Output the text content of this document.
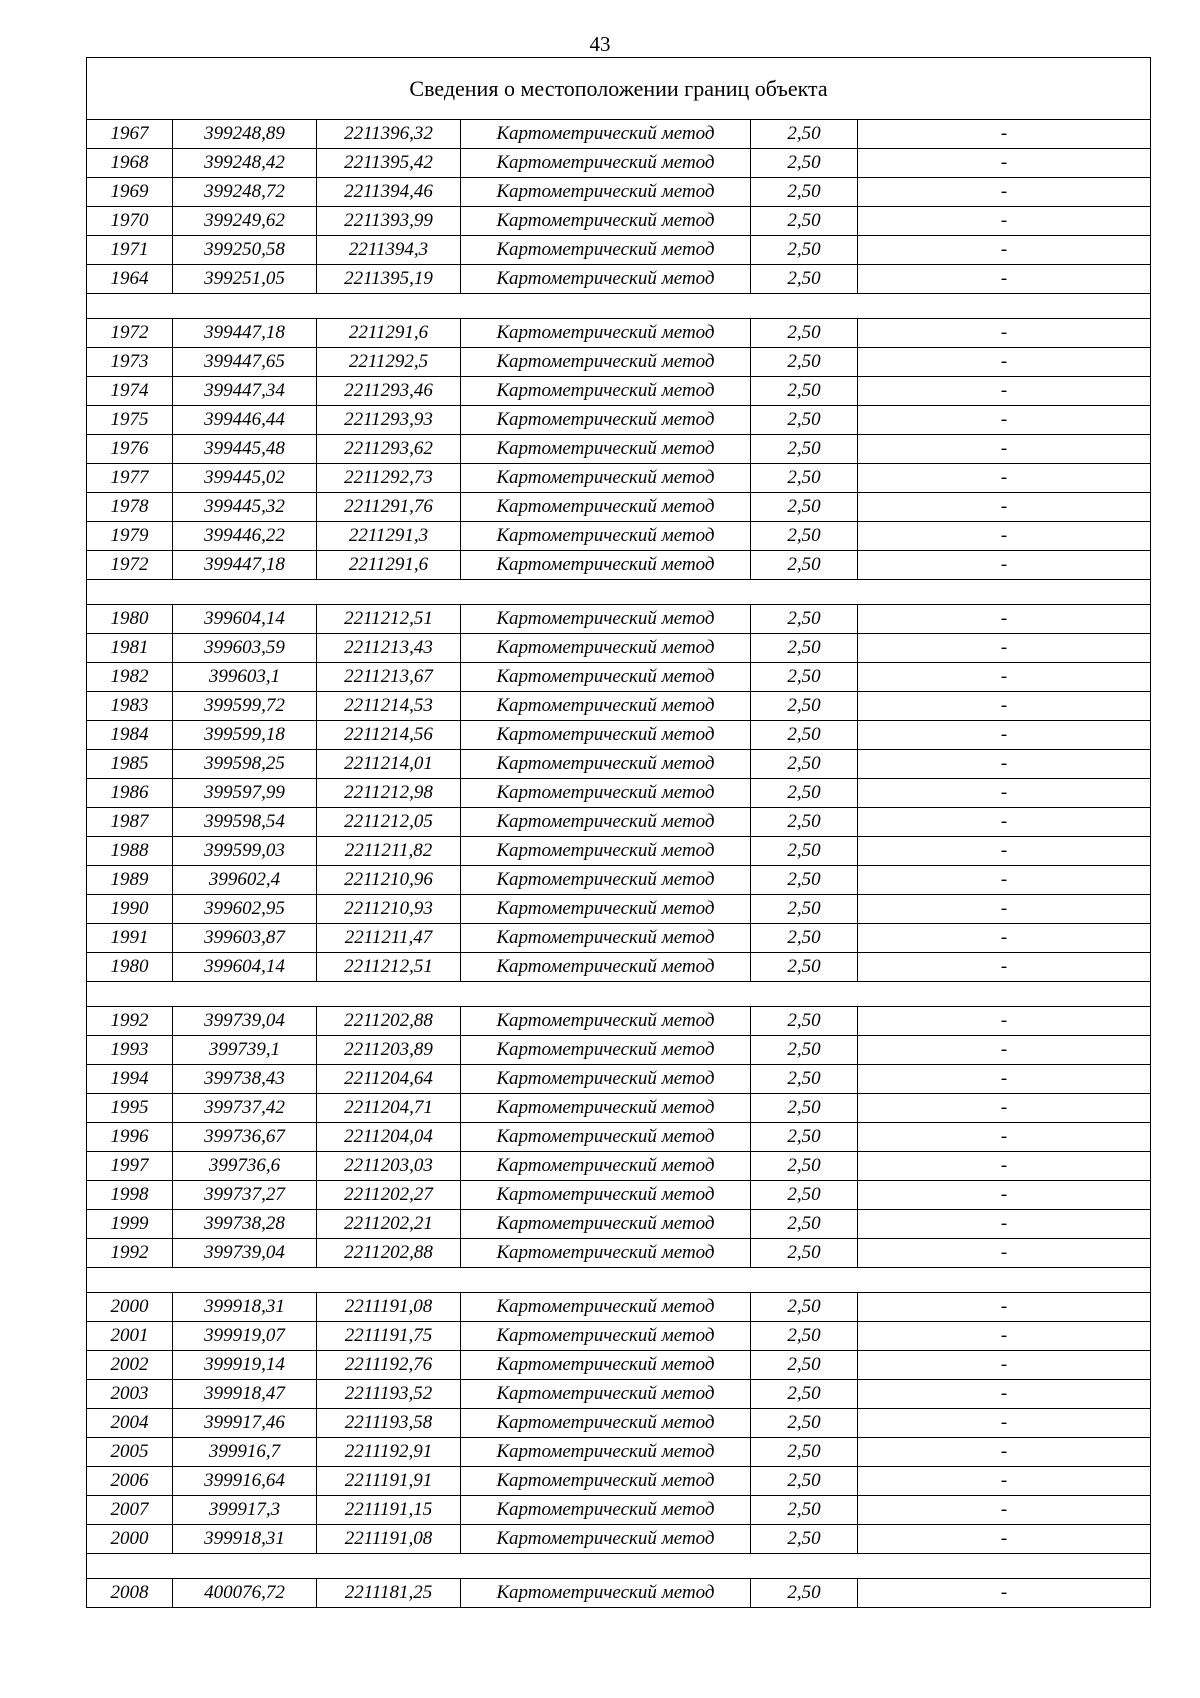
43
Сведения о местоположении границ объекта					
1967	399248,89	2211396,32	Картометрический метод	2,50	-
1968	399248,42	2211395,42	Картометрический метод	2,50	-
1969	399248,72	2211394,46	Картометрический метод	2,50	-
1970	399249,62	2211393,99	Картометрический метод	2,50	-
1971	399250,58	2211394,3	Картометрический метод	2,50	-
1964	399251,05	2211395,19	Картометрический метод	2,50	-

1972	399447,18	2211291,6	Картометрический метод	2,50	-
1973	399447,65	2211292,5	Картометрический метод	2,50	-
1974	399447,34	2211293,46	Картометрический метод	2,50	-
1975	399446,44	2211293,93	Картометрический метод	2,50	-
1976	399445,48	2211293,62	Картометрический метод	2,50	-
1977	399445,02	2211292,73	Картометрический метод	2,50	-
1978	399445,32	2211291,76	Картометрический метод	2,50	-
1979	399446,22	2211291,3	Картометрический метод	2,50	-
1972	399447,18	2211291,6	Картометрический метод	2,50	-

1980	399604,14	2211212,51	Картометрический метод	2,50	-
1981	399603,59	2211213,43	Картометрический метод	2,50	-
1982	399603,1	2211213,67	Картометрический метод	2,50	-
1983	399599,72	2211214,53	Картометрический метод	2,50	-
1984	399599,18	2211214,56	Картометрический метод	2,50	-
1985	399598,25	2211214,01	Картометрический метод	2,50	-
1986	399597,99	2211212,98	Картометрический метод	2,50	-
1987	399598,54	2211212,05	Картометрический метод	2,50	-
1988	399599,03	2211211,82	Картометрический метод	2,50	-
1989	399602,4	2211210,96	Картометрический метод	2,50	-
1990	399602,95	2211210,93	Картометрический метод	2,50	-
1991	399603,87	2211211,47	Картометрический метод	2,50	-
1980	399604,14	2211212,51	Картометрический метод	2,50	-

1992	399739,04	2211202,88	Картометрический метод	2,50	-
1993	399739,1	2211203,89	Картометрический метод	2,50	-
1994	399738,43	2211204,64	Картометрический метод	2,50	-
1995	399737,42	2211204,71	Картометрический метод	2,50	-
1996	399736,67	2211204,04	Картометрический метод	2,50	-
1997	399736,6	2211203,03	Картометрический метод	2,50	-
1998	399737,27	2211202,27	Картометрический метод	2,50	-
1999	399738,28	2211202,21	Картометрический метод	2,50	-
1992	399739,04	2211202,88	Картометрический метод	2,50	-

2000	399918,31	2211191,08	Картометрический метод	2,50	-
2001	399919,07	2211191,75	Картометрический метод	2,50	-
2002	399919,14	2211192,76	Картометрический метод	2,50	-
2003	399918,47	2211193,52	Картометрический метод	2,50	-
2004	399917,46	2211193,58	Картометрический метод	2,50	-
2005	399916,7	2211192,91	Картометрический метод	2,50	-
2006	399916,64	2211191,91	Картометрический метод	2,50	-
2007	399917,3	2211191,15	Картометрический метод	2,50	-
2000	399918,31	2211191,08	Картометрический метод	2,50	-

2008	400076,72	2211181,25	Картометрический метод	2,50	-
